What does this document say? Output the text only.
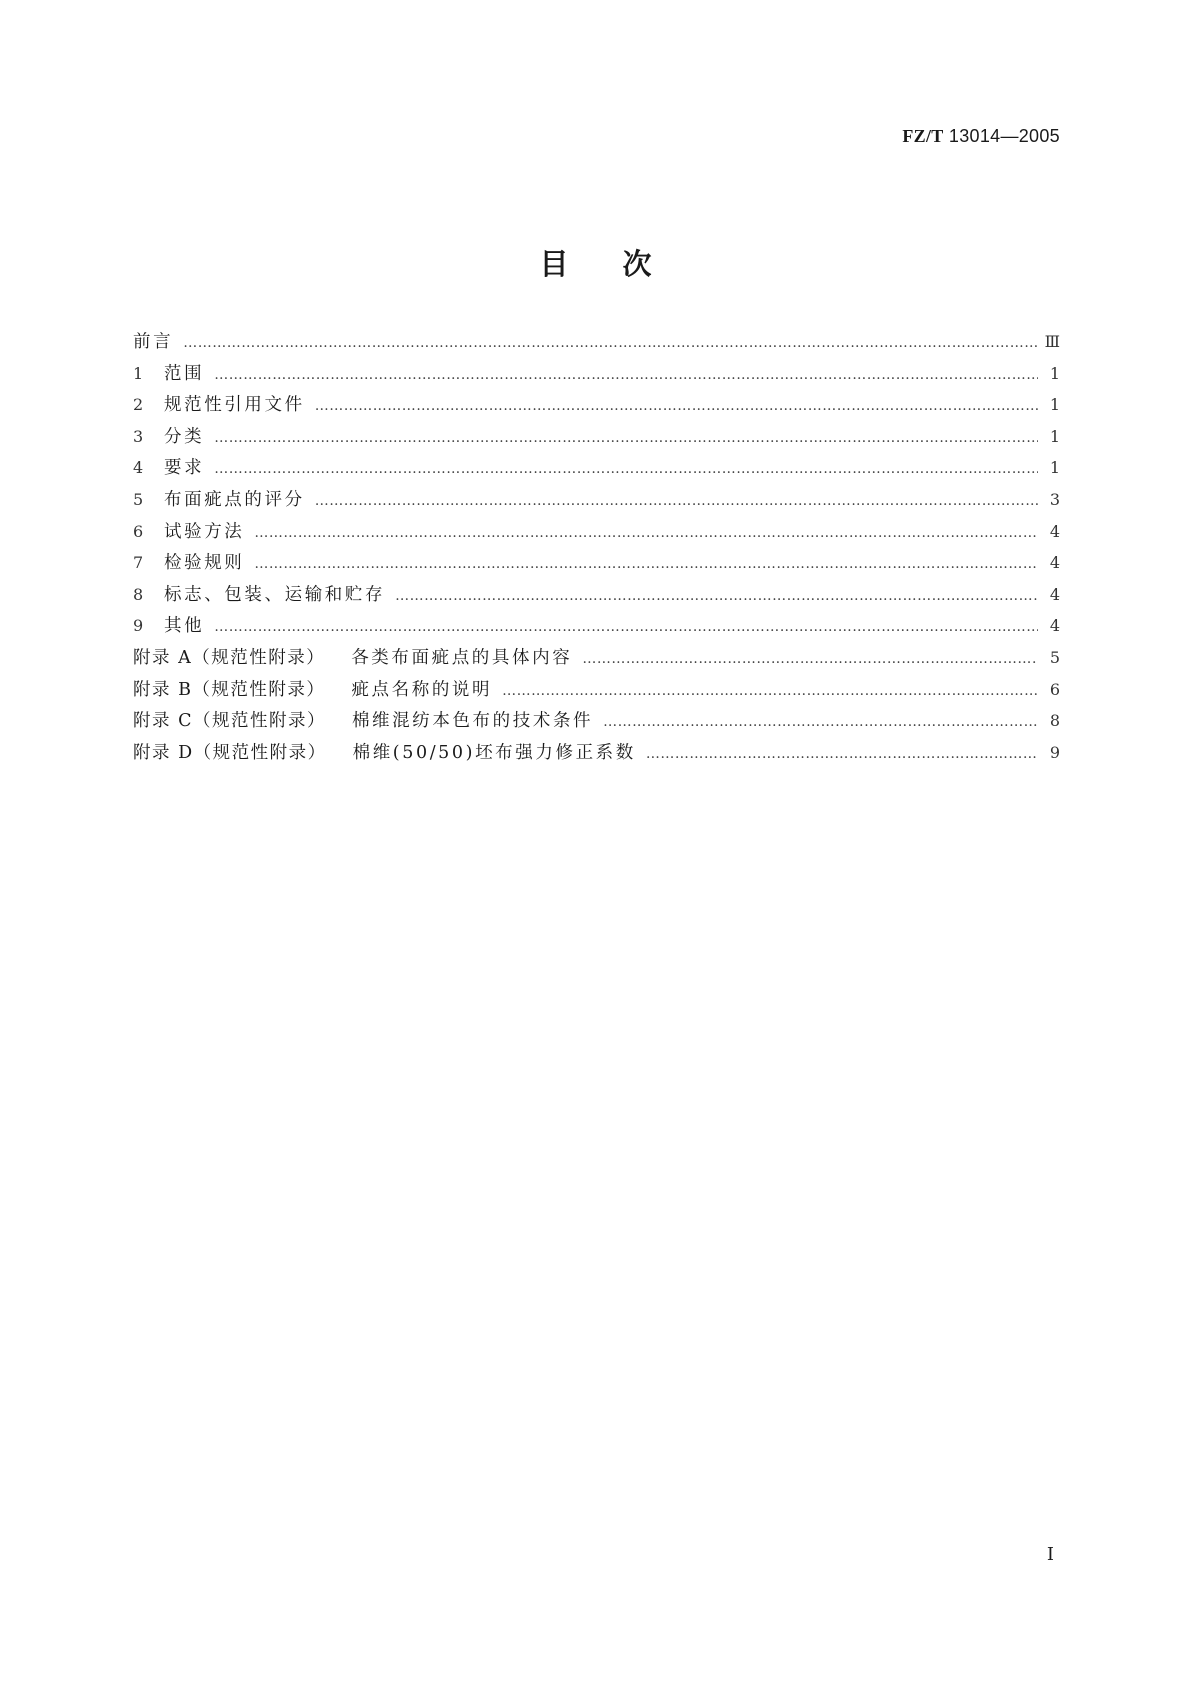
FZ/T 13014—2005
目次
前言 ……………………………………………………………………………………………………………………………………………………………………………………	Ⅲ
1	范围 ……………………………………………………………………………………………………………………………………………………………………………………	1
2	规范性引用文件 ……………………………………………………………………………………………………………………………………………………………………………………	1
3	分类 ……………………………………………………………………………………………………………………………………………………………………………………	1
4	要求 ……………………………………………………………………………………………………………………………………………………………………………………	1
5	布面疵点的评分 ……………………………………………………………………………………………………………………………………………………………………………………	3
6	试验方法 ……………………………………………………………………………………………………………………………………………………………………………………	4
7	检验规则 ……………………………………………………………………………………………………………………………………………………………………………………	4
8	标志、包装、运输和贮存 ……………………………………………………………………………………………………………………………………………………………………………………	4
9	其他 ……………………………………………………………………………………………………………………………………………………………………………………	4
附录 A（规范性附录） 各类布面疵点的具体内容 ……………………………………………………………………………………………………………………………………………………………………………………	5
附录 B（规范性附录） 疵点名称的说明 ……………………………………………………………………………………………………………………………………………………………………………………	6
附录 C（规范性附录） 棉维混纺本色布的技术条件 ……………………………………………………………………………………………………………………………………………………………………………………	8
附录 D（规范性附录） 棉维(50/50)坯布强力修正系数 ……………………………………………………………………………………………………………………………………………………………………………………	9
Ⅰ
